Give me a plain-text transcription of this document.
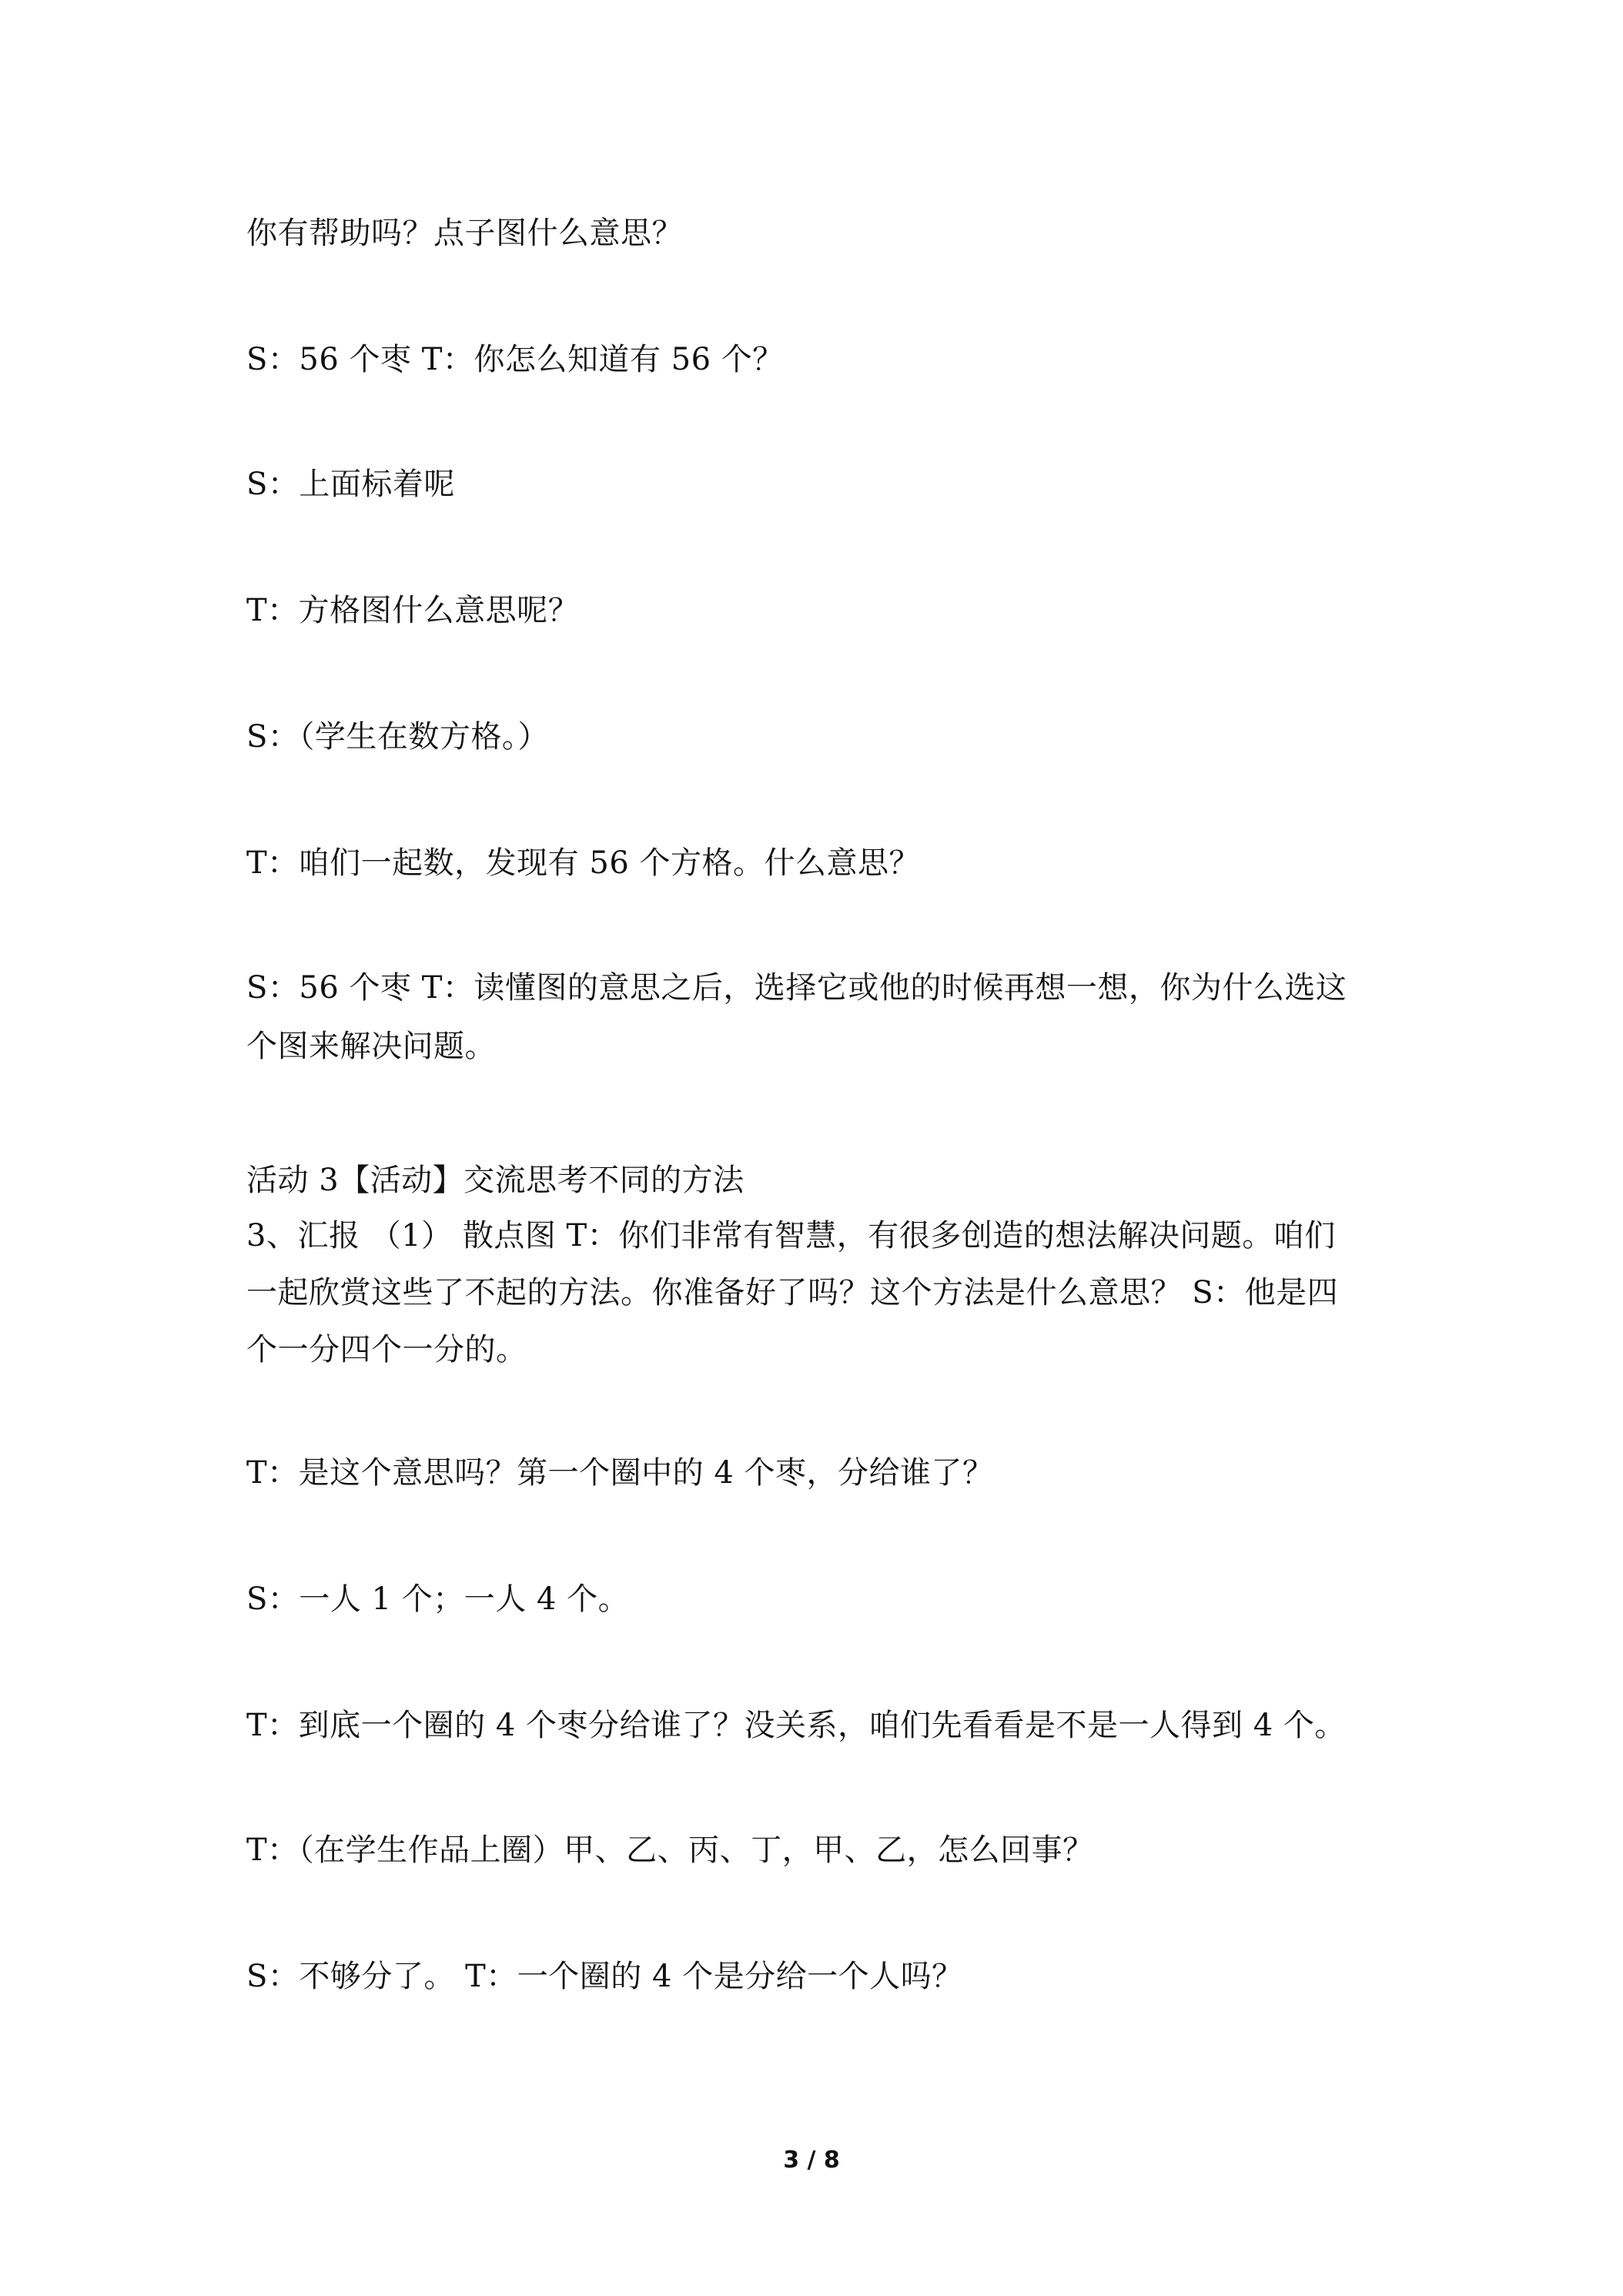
你有帮助吗？点子图什么意思？
S：56 个枣 T：你怎么知道有 56 个？
S：上面标着呢
T：方格图什么意思呢？
S：（学生在数方格。）
T：咱们一起数，发现有 56 个方格。什么意思？
S：56 个枣 T：读懂图的意思之后，选择它或他的时候再想一想，你为什么选这
个图来解决问题。
活动 3【活动】交流思考不同的方法
3、汇报 （1） 散点图 T：你们非常有智慧，有很多创造的想法解决问题。咱们
一起欣赏这些了不起的方法。你准备好了吗？这个方法是什么意思？ S：他是四
个一分四个一分的。
T：是这个意思吗？第一个圈中的 4 个枣，分给谁了？
S：一人 1 个；一人 4 个。
T：到底一个圈的 4 个枣分给谁了？没关系，咱们先看看是不是一人得到 4 个。
T：（在学生作品上圈）甲、乙、丙、丁，甲、乙，怎么回事？
S：不够分了。 T：一个圈的 4 个是分给一个人吗？
3 / 8
